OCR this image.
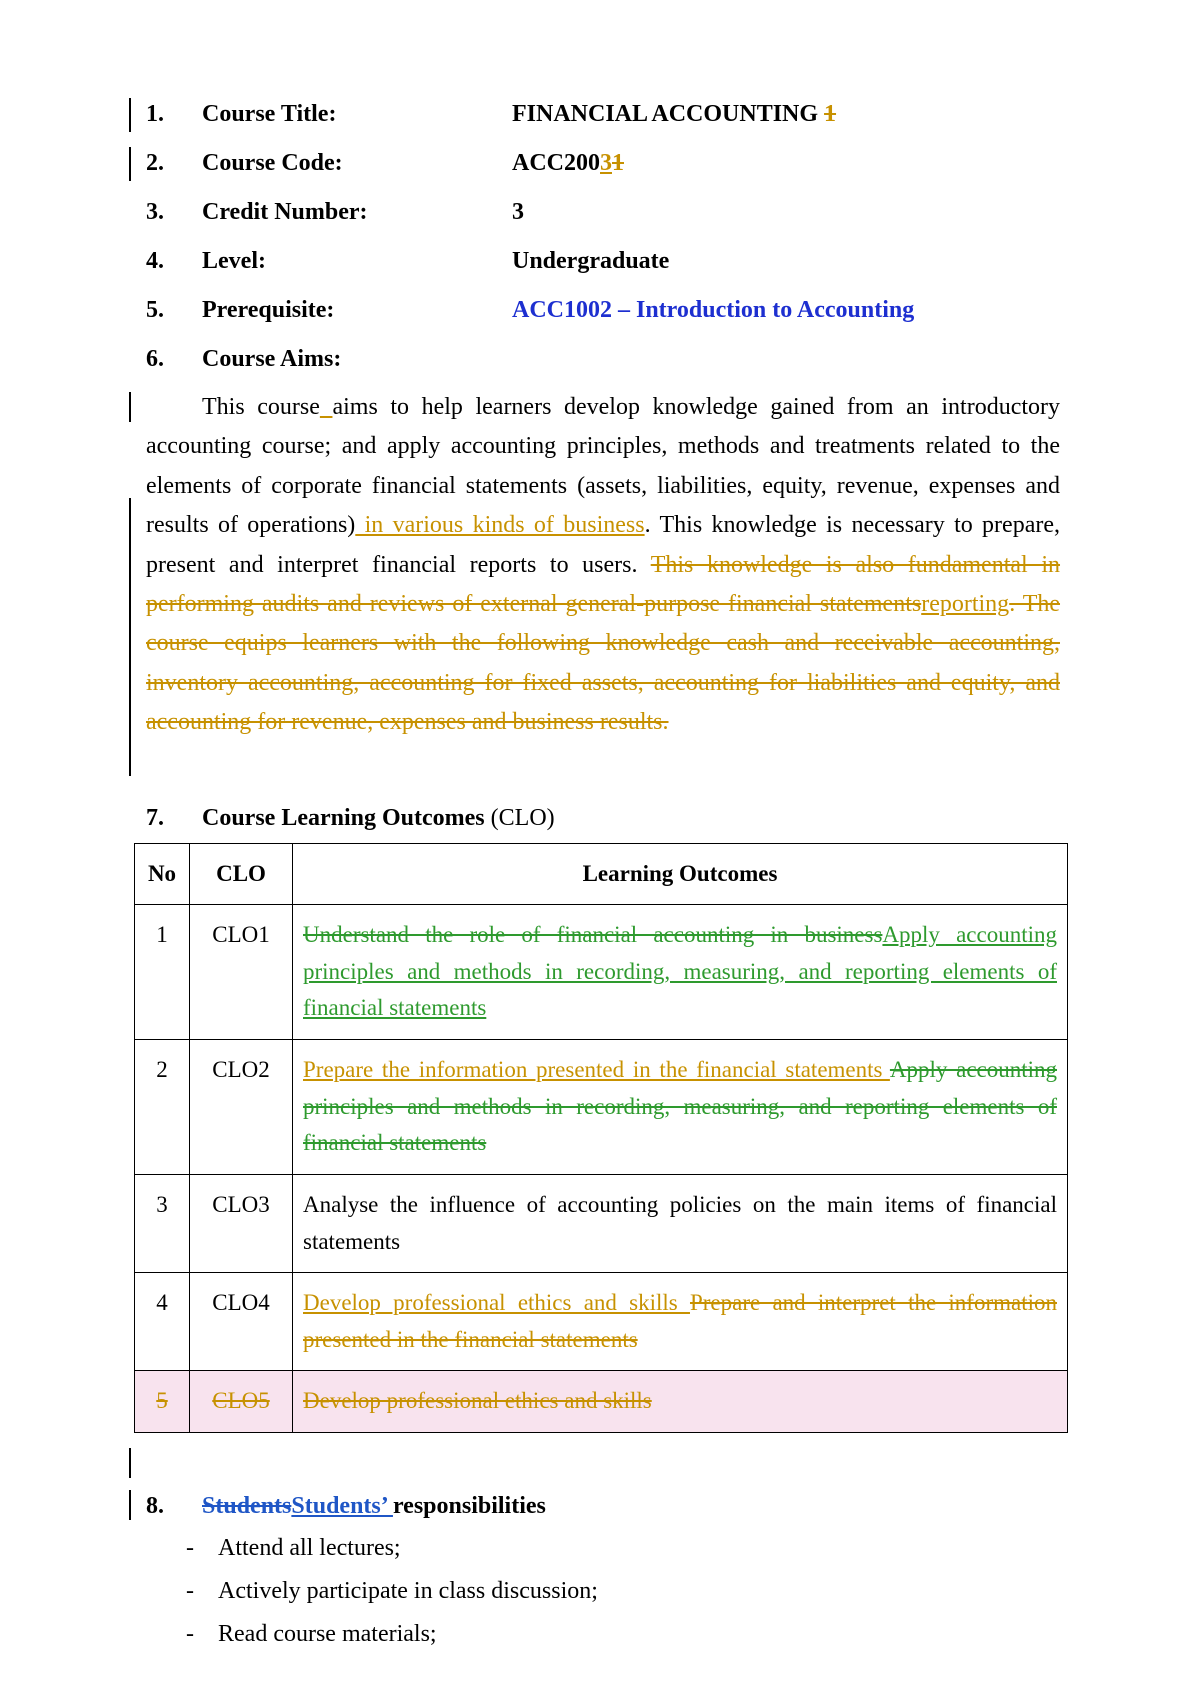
1. Course Title:	FINANCIAL ACCOUNTING 1
2. Course Code:	ACC20031
3. Credit Number:	3
4. Level:	Undergraduate
5. Prerequisite:	ACC1002 – Introduction to Accounting
6. Course Aims:

This course aims to help learners develop knowledge gained from an introductory accounting course; and apply accounting principles, methods and treatments related to the elements of corporate financial statements (assets, liabilities, equity, revenue, expenses and results of operations) in various kinds of business. This knowledge is necessary to prepare, present and interpret financial reports to users. This knowledge is also fundamental in performing audits and reviews of external general-purpose financial statementsreporting. The course equips learners with the following knowledge cash and receivable accounting, inventory accounting, accounting for fixed assets, accounting for liabilities and equity, and accounting for revenue, expenses and business results.

7. Course Learning Outcomes (CLO)
No	CLO	Learning Outcomes
1	CLO1	Understand the role of financial accounting in businessApply accounting principles and methods in recording, measuring, and reporting elements of financial statements
2	CLO2	Prepare the information presented in the financial statements Apply accounting principles and methods in recording, measuring, and reporting elements of financial statements
3	CLO3	Analyse the influence of accounting policies on the main items of financial statements
4	CLO4	Develop professional ethics and skills Prepare and interpret the information presented in the financial statements
5	CLO5	Develop professional ethics and skills
8. StudentsStudents’ responsibilities
- Attend all lectures;
- Actively participate in class discussion;
- Read course materials;
